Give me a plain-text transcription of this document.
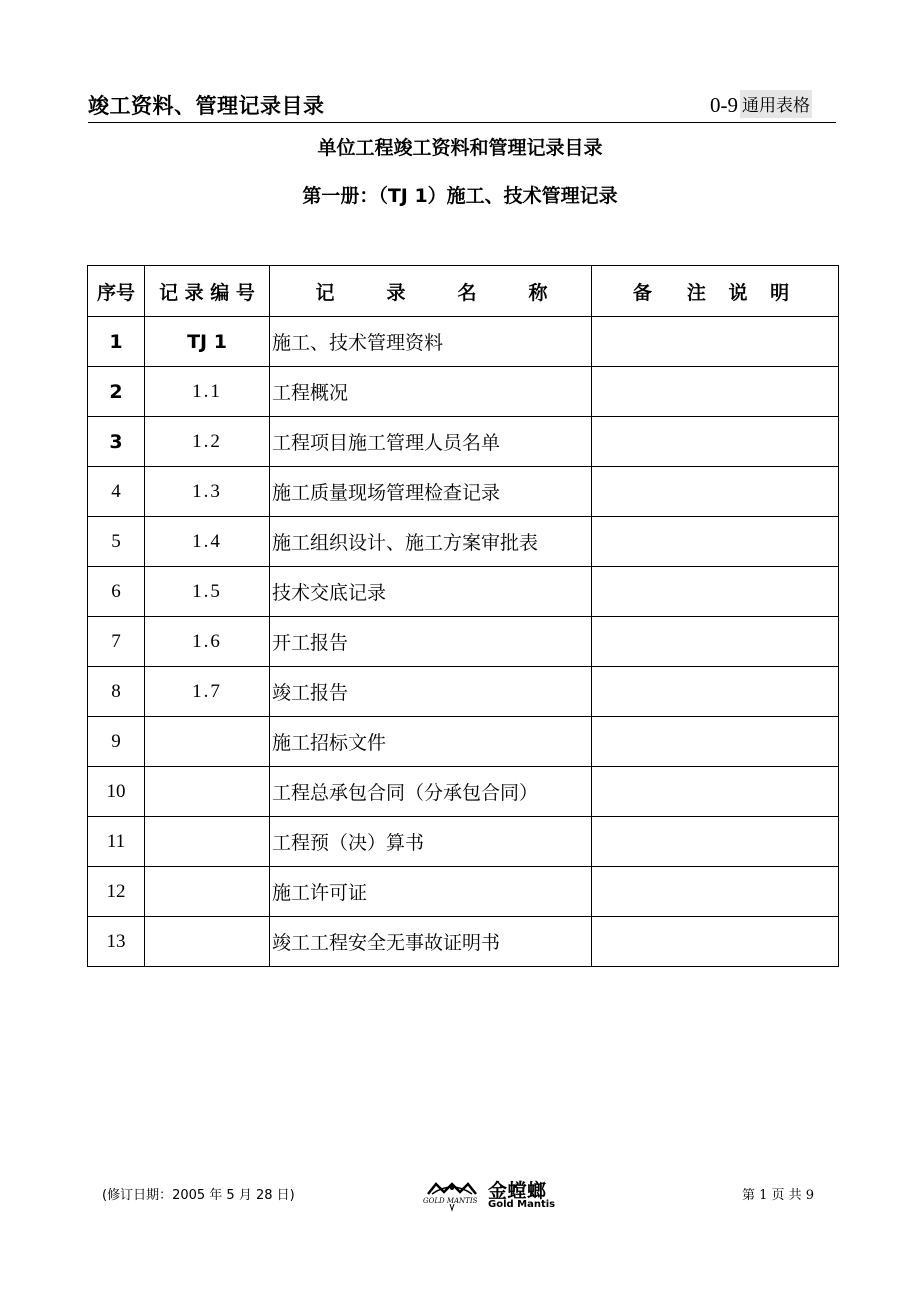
竣工资料、管理记录目录	0-9 通用表格
单位工程竣工资料和管理记录目录
第一册：（TJ 1）施工、技术管理记录
序号	记 录 编 号	记 录 名 称	备　注 说 明
1	TJ 1	施工、技术管理资料	
2	1.1	工程概况	
3	1.2	工程项目施工管理人员名单	
4	1.3	施工质量现场管理检查记录	
5	1.4	施工组织设计、施工方案审批表	
6	1.5	技术交底记录	
7	1.6	开工报告	
8	1.7	竣工报告	
9		施工招标文件	
10		工程总承包合同（分承包合同）	
11		工程预（决）算书	
12		施工许可证	
13		竣工工程安全无事故证明书	
(修订日期：2005 年 5 月 28 日)	GOLD MANTIS 金螳螂
Gold Mantis
第 1 页 共 9
